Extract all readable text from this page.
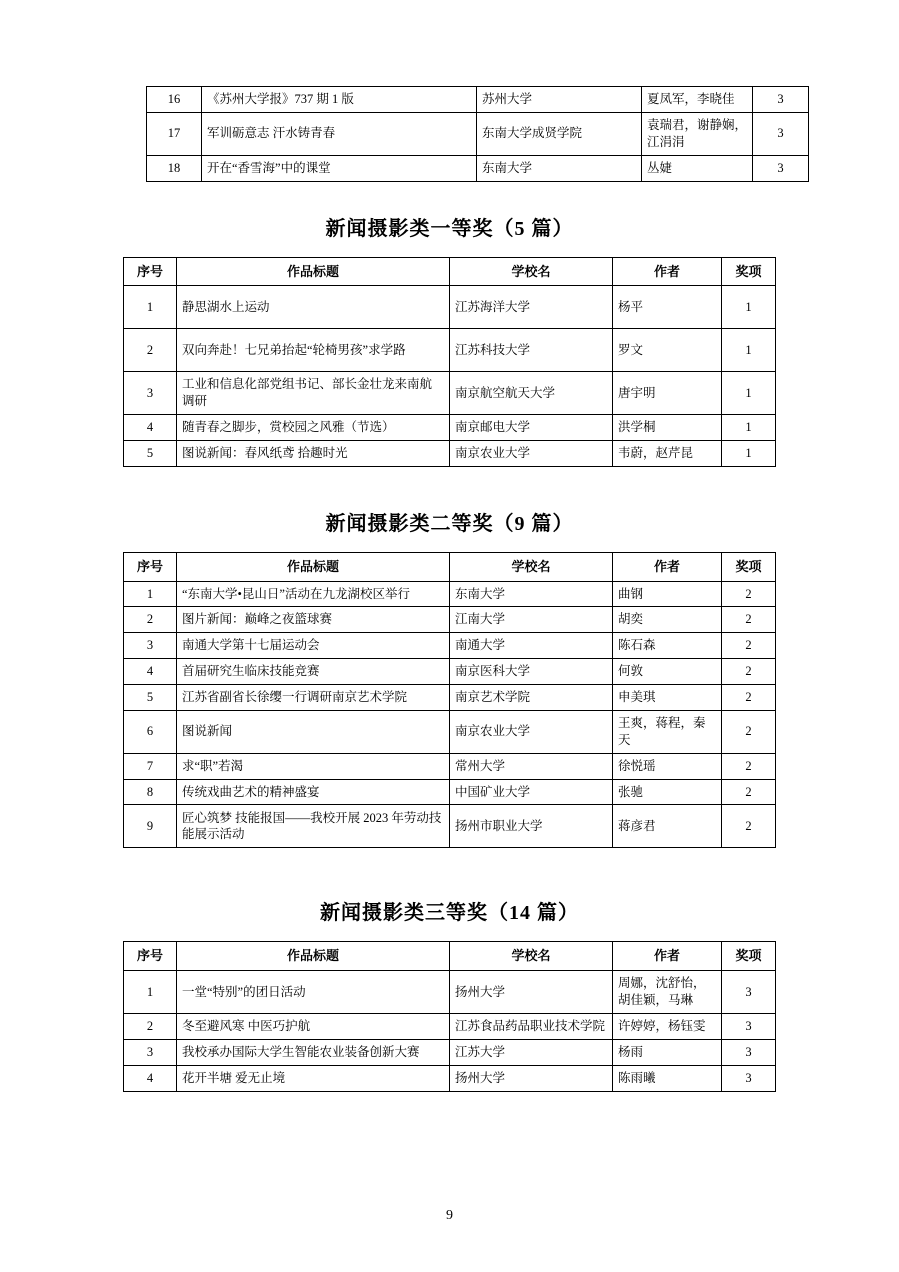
16	《苏州大学报》737 期 1 版	苏州大学	夏凤军，李晓佳	3
17	军训砺意志 汗水铸青春	东南大学成贤学院	袁瑞君，谢静娴，江涓涓	3
18	开在“香雪海”中的课堂	东南大学	丛婕	3
新闻摄影类一等奖（5 篇）
序号	作品标题	学校名	作者	奖项
1	静思湖水上运动	江苏海洋大学	杨平	1
2	双向奔赴！七兄弟抬起“轮椅男孩”求学路	江苏科技大学	罗文	1
3	工业和信息化部党组书记、部长金壮龙来南航调研	南京航空航天大学	唐宇明	1
4	随青春之脚步，赏校园之风雅（节选）	南京邮电大学	洪学桐	1
5	图说新闻：春风纸鸢 拾趣时光	南京农业大学	韦蔚，赵芹昆	1
新闻摄影类二等奖（9 篇）
序号	作品标题	学校名	作者	奖项
1	“东南大学•昆山日”活动在九龙湖校区举行	东南大学	曲钢	2
2	图片新闻：巅峰之夜篮球赛	江南大学	胡奕	2
3	南通大学第十七届运动会	南通大学	陈石森	2
4	首届研究生临床技能竞赛	南京医科大学	何敦	2
5	江苏省副省长徐缨一行调研南京艺术学院	南京艺术学院	申美琪	2
6	图说新闻	南京农业大学	王爽，蒋程，秦天	2
7	求“职”若渴	常州大学	徐悦瑶	2
8	传统戏曲艺术的精神盛宴	中国矿业大学	张驰	2
9	匠心筑梦 技能报国——我校开展 2023 年劳动技能展示活动	扬州市职业大学	蒋彦君	2
新闻摄影类三等奖（14 篇）
序号	作品标题	学校名	作者	奖项
1	一堂“特别”的团日活动	扬州大学	周娜，沈舒怡，胡佳颖，马琳	3
2	冬至避风寒 中医巧护航	江苏食品药品职业技术学院	许婷婷，杨钰雯	3
3	我校承办国际大学生智能农业装备创新大赛	江苏大学	杨雨	3
4	花开半塘 爱无止境	扬州大学	陈雨曦	3
9
